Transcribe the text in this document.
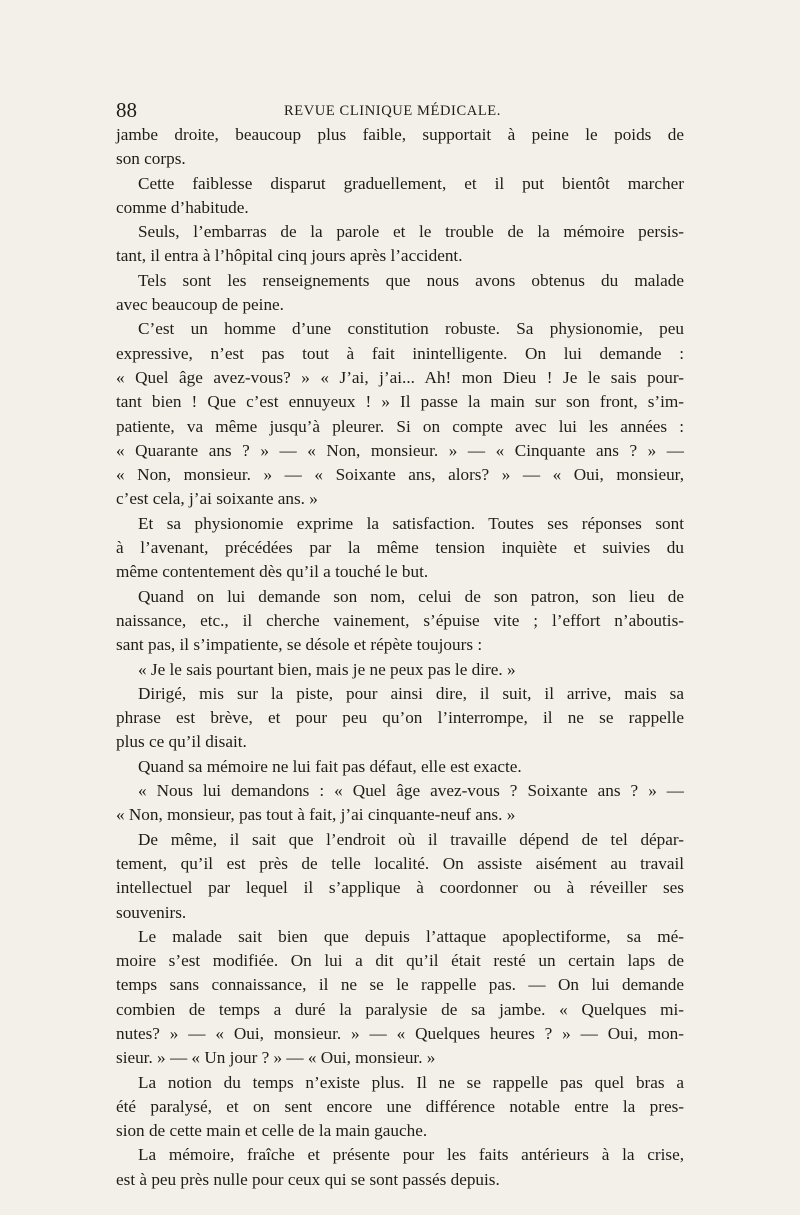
88	REVUE CLINIQUE MÉDICALE.
jambe droite, beaucoup plus faible, supportait à peine le poids de
son corps.
Cette faiblesse disparut graduellement, et il put bientôt marcher
comme d’habitude.
Seuls, l’embarras de la parole et le trouble de la mémoire persis-
tant, il entra à l’hôpital cinq jours après l’accident.
Tels sont les renseignements que nous avons obtenus du malade
avec beaucoup de peine.
C’est un homme d’une constitution robuste. Sa physionomie, peu
expressive, n’est pas tout à fait inintelligente. On lui demande :
« Quel âge avez-vous? » « J’ai, j’ai... Ah! mon Dieu ! Je le sais pour-
tant bien ! Que c’est ennuyeux ! » Il passe la main sur son front, s’im-
patiente, va même jusqu’à pleurer. Si on compte avec lui les années :
« Quarante ans ? » — « Non, monsieur. » — « Cinquante ans ? » —
« Non, monsieur. » — « Soixante ans, alors? » — « Oui, monsieur,
c’est cela, j’ai soixante ans. »
Et sa physionomie exprime la satisfaction. Toutes ses réponses sont
à l’avenant, précédées par la même tension inquiète et suivies du
même contentement dès qu’il a touché le but.
Quand on lui demande son nom, celui de son patron, son lieu de
naissance, etc., il cherche vainement, s’épuise vite ; l’effort n’aboutis-
sant pas, il s’impatiente, se désole et répète toujours :
« Je le sais pourtant bien, mais je ne peux pas le dire. »
Dirigé, mis sur la piste, pour ainsi dire, il suit, il arrive, mais sa
phrase est brève, et pour peu qu’on l’interrompe, il ne se rappelle
plus ce qu’il disait.
Quand sa mémoire ne lui fait pas défaut, elle est exacte.
« Nous lui demandons : « Quel âge avez-vous ? Soixante ans ? » —
« Non, monsieur, pas tout à fait, j’ai cinquante-neuf ans. »
De même, il sait que l’endroit où il travaille dépend de tel dépar-
tement, qu’il est près de telle localité. On assiste aisément au travail
intellectuel par lequel il s’applique à coordonner ou à réveiller ses
souvenirs.
Le malade sait bien que depuis l’attaque apoplectiforme, sa mé-
moire s’est modifiée. On lui a dit qu’il était resté un certain laps de
temps sans connaissance, il ne se le rappelle pas. — On lui demande
combien de temps a duré la paralysie de sa jambe. « Quelques mi-
nutes? » — « Oui, monsieur. » — « Quelques heures ? » — Oui, mon-
sieur. » — « Un jour ? » — « Oui, monsieur. »
La notion du temps n’existe plus. Il ne se rappelle pas quel bras a
été paralysé, et on sent encore une différence notable entre la pres-
sion de cette main et celle de la main gauche.
La mémoire, fraîche et présente pour les faits antérieurs à la crise,
est à peu près nulle pour ceux qui se sont passés depuis.
